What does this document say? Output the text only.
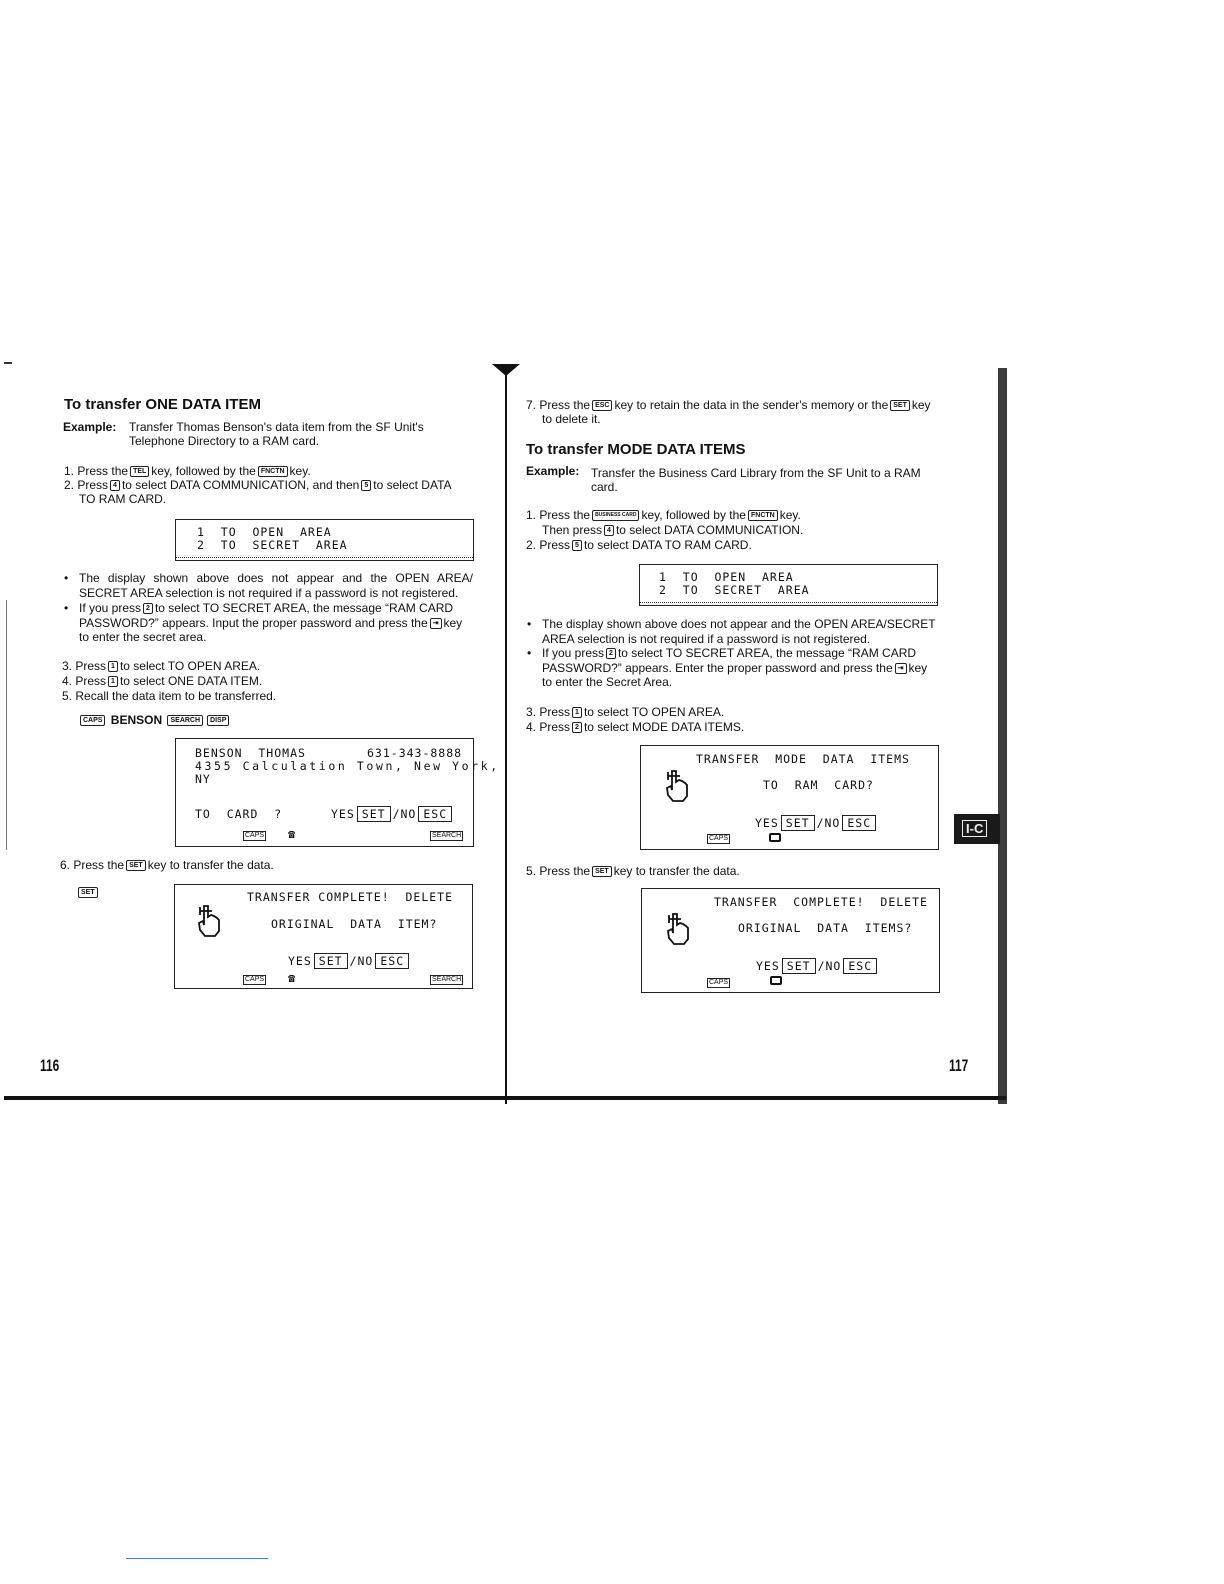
To transfer ONE DATA ITEM
Example: Transfer Thomas Benson's data item from the SF Unit's Telephone Directory to a RAM card.
1. Press the TEL key, followed by the FNCTN key.
2. Press 4 to select DATA COMMUNICATION, and then 5 to select DATA
TO RAM CARD.
1  TO  OPEN  AREA
2  TO  SECRET  AREA
• The display shown above does not appear and the OPEN AREA/ SECRET AREA selection is not required if a password is not registered.
• If you press 2 to select TO SECRET AREA, the message “RAM CARD PASSWORD?” appears. Input the proper password and press the ⇥ key to enter the secret area.
3. Press 1 to select TO OPEN AREA.
4. Press 1 to select ONE DATA ITEM.
5. Recall the data item to be transferred.
CAPS BENSON SEARCH DISP
BENSON  THOMAS	631-343-8888
4355 Calculation Town, New York,
NY
TO  CARD  ?	YES SET /NO ESC
CAPS ☎	SEARCH
6. Press the SET key to transfer the data.
SET	TRANSFER COMPLETE!  DELETE
ORIGINAL  DATA  ITEM?
YES SET /NO ESC
CAPS ☎	SEARCH
116
7. Press the ESC key to retain the data in the sender's memory or the SET key
to delete it.
To transfer MODE DATA ITEMS
Example: Transfer the Business Card Library from the SF Unit to a RAM card.
1. Press the BUSINESS CARD key, followed by the FNCTN key.
Then press 4 to select DATA COMMUNICATION.
2. Press 5 to select DATA TO RAM CARD.
1  TO  OPEN  AREA
2  TO  SECRET  AREA
• The display shown above does not appear and the OPEN AREA/SECRET AREA selection is not required if a password is not registered.
• If you press 2 to select TO SECRET AREA, the message “RAM CARD PASSWORD?” appears. Enter the proper password and press the ⇥ key to enter the Secret Area.
3. Press 1 to select TO OPEN AREA.
4. Press 2 to select MODE DATA ITEMS.
TRANSFER  MODE  DATA  ITEMS
TO  RAM  CARD?
YES SET /NO ESC
CAPS
5. Press the SET key to transfer the data.
TRANSFER  COMPLETE!  DELETE
ORIGINAL  DATA  ITEMS?
YES SET /NO ESC
CAPS
I-C
117
